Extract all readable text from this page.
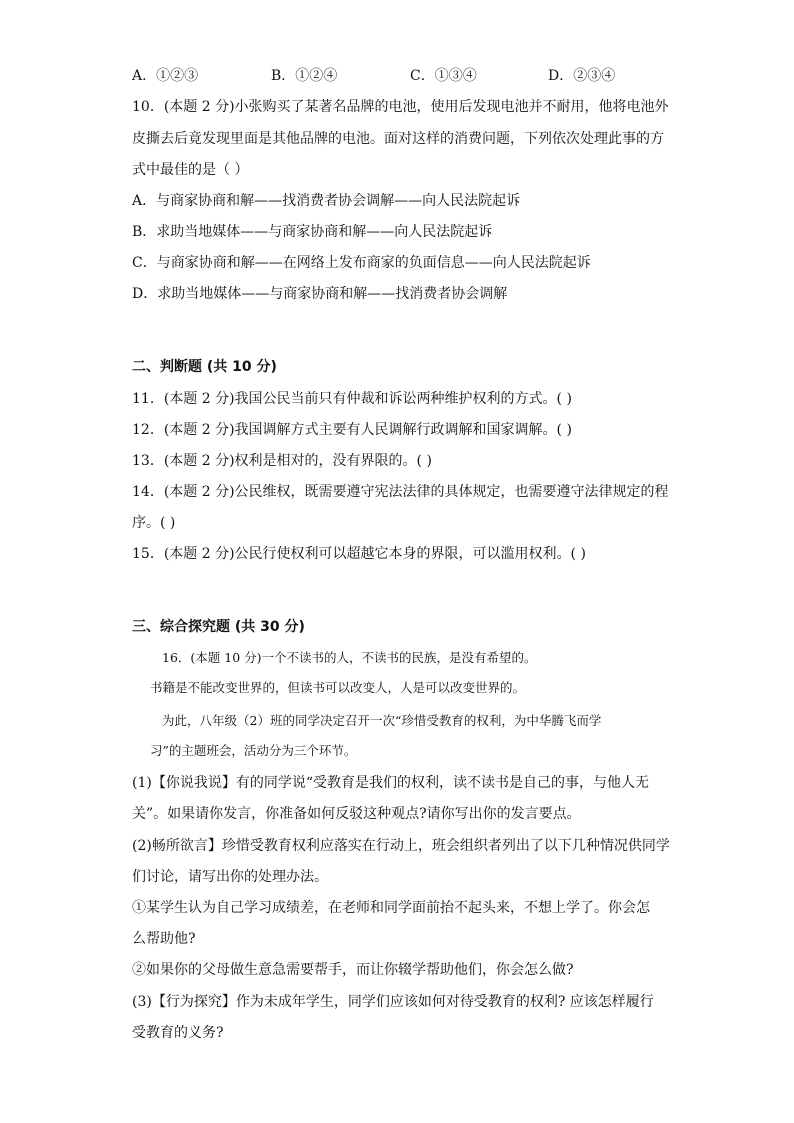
A．①②③	B．①②④	C．①③④	D．②③④
10．(本题 2 分)小张购买了某著名品牌的电池，使用后发现电池并不耐用，他将电池外
皮撕去后竟发现里面是其他品牌的电池。面对这样的消费问题，下列依次处理此事的方
式中最佳的是（ ）
A．与商家协商和解——找消费者协会调解——向人民法院起诉
B．求助当地媒体——与商家协商和解——向人民法院起诉
C．与商家协商和解——在网络上发布商家的负面信息——向人民法院起诉
D．求助当地媒体——与商家协商和解——找消费者协会调解
二、判断题 (共 10 分)
11．(本题 2 分)我国公民当前只有仲裁和诉讼两种维护权利的方式。( )
12．(本题 2 分)我国调解方式主要有人民调解行政调解和国家调解。( )
13．(本题 2 分)权利是相对的，没有界限的。( )
14．(本题 2 分)公民维权，既需要遵守宪法法律的具体规定，也需要遵守法律规定的程
序。( )
15．(本题 2 分)公民行使权利可以超越它本身的界限，可以滥用权利。( )
三、综合探究题 (共 30 分)
16．(本题 10 分)一个不读书的人，不读书的民族，是没有希望的。
书籍是不能改变世界的，但读书可以改变人，人是可以改变世界的。
为此，八年级（2）班的同学决定召开一次“珍惜受教育的权利，为中华腾飞而学
习”的主题班会，活动分为三个环节。
(1)【你说我说】有的同学说“受教育是我们的权利，读不读书是自己的事，与他人无
关”。如果请你发言，你准备如何反驳这种观点?请你写出你的发言要点。
(2)畅所欲言】珍惜受教育权利应落实在行动上，班会组织者列出了以下几种情况供同学
们讨论，请写出你的处理办法。
①某学生认为自己学习成绩差，在老师和同学面前抬不起头来，不想上学了。你会怎
么帮助他?
②如果你的父母做生意急需要帮手，而让你辍学帮助他们，你会怎么做?
(3)【行为探究】作为未成年学生，同学们应该如何对待受教育的权利? 应该怎样履行
受教育的义务?
